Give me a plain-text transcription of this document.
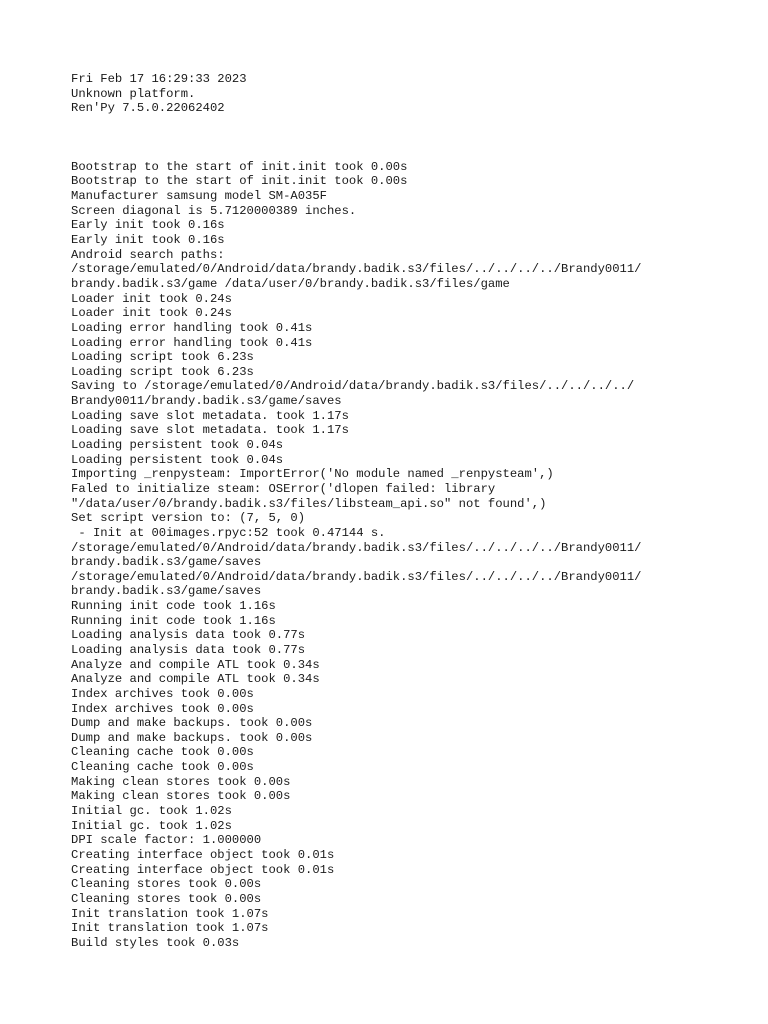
Fri Feb 17 16:29:33 2023
Unknown platform.
Ren'Py 7.5.0.22062402
Bootstrap to the start of init.init took 0.00s
Bootstrap to the start of init.init took 0.00s
Manufacturer samsung model SM-A035F
Screen diagonal is 5.7120000389 inches.
Early init took 0.16s
Early init took 0.16s
Android search paths:
/storage/emulated/0/Android/data/brandy.badik.s3/files/../../../../Brandy0011/
brandy.badik.s3/game /data/user/0/brandy.badik.s3/files/game
Loader init took 0.24s
Loader init took 0.24s
Loading error handling took 0.41s
Loading error handling took 0.41s
Loading script took 6.23s
Loading script took 6.23s
Saving to /storage/emulated/0/Android/data/brandy.badik.s3/files/../../../../
Brandy0011/brandy.badik.s3/game/saves
Loading save slot metadata. took 1.17s
Loading save slot metadata. took 1.17s
Loading persistent took 0.04s
Loading persistent took 0.04s
Importing _renpysteam: ImportError('No module named _renpysteam',)
Faled to initialize steam: OSError('dlopen failed: library
"/data/user/0/brandy.badik.s3/files/libsteam_api.so" not found',)
Set script version to: (7, 5, 0)
- Init at 00images.rpyc:52 took 0.47144 s.
/storage/emulated/0/Android/data/brandy.badik.s3/files/../../../../Brandy0011/
brandy.badik.s3/game/saves
/storage/emulated/0/Android/data/brandy.badik.s3/files/../../../../Brandy0011/
brandy.badik.s3/game/saves
Running init code took 1.16s
Running init code took 1.16s
Loading analysis data took 0.77s
Loading analysis data took 0.77s
Analyze and compile ATL took 0.34s
Analyze and compile ATL took 0.34s
Index archives took 0.00s
Index archives took 0.00s
Dump and make backups. took 0.00s
Dump and make backups. took 0.00s
Cleaning cache took 0.00s
Cleaning cache took 0.00s
Making clean stores took 0.00s
Making clean stores took 0.00s
Initial gc. took 1.02s
Initial gc. took 1.02s
DPI scale factor: 1.000000
Creating interface object took 0.01s
Creating interface object took 0.01s
Cleaning stores took 0.00s
Cleaning stores took 0.00s
Init translation took 1.07s
Init translation took 1.07s
Build styles took 0.03s
